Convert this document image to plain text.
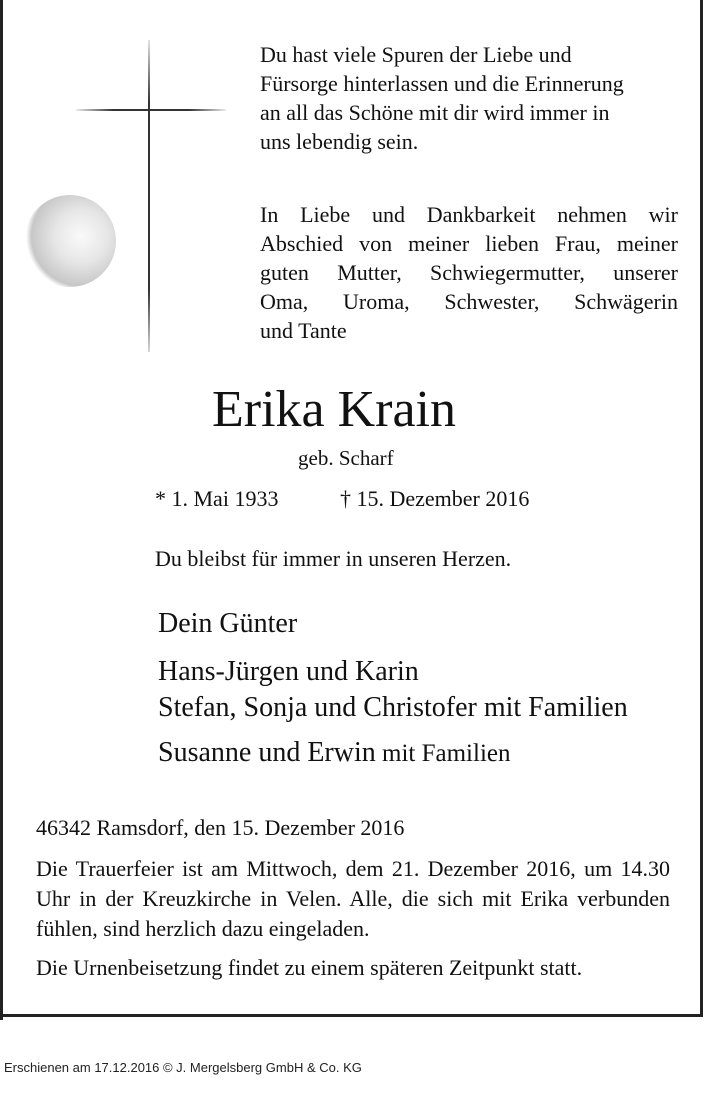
Du hast viele Spuren der Liebe und
Fürsorge hinterlassen und die Erinnerung
an all das Schöne mit dir wird immer in
uns lebendig sein.
In Liebe und Dankbarkeit nehmen wir
Abschied von meiner lieben Frau, meiner
guten Mutter, Schwiegermutter, unserer
Oma, Uroma, Schwester, Schwägerin
und Tante
Erika Krain
geb. Scharf
* 1. Mai 1933	† 15. Dezember 2016
Du bleibst für immer in unseren Herzen.
Dein Günter
Hans-Jürgen und Karin
Stefan, Sonja und Christofer mit Familien
Susanne und Erwin mit Familien
46342 Ramsdorf, den 15. Dezember 2016
Die Trauerfeier ist am Mittwoch, dem 21. Dezember 2016, um 14.30 Uhr in der Kreuzkirche in Velen. Alle, die sich mit Erika verbunden fühlen, sind herzlich dazu eingeladen.
Die Urnenbeisetzung findet zu einem späteren Zeitpunkt statt.
Erschienen am 17.12.2016 © J. Mergelsberg GmbH & Co. KG
